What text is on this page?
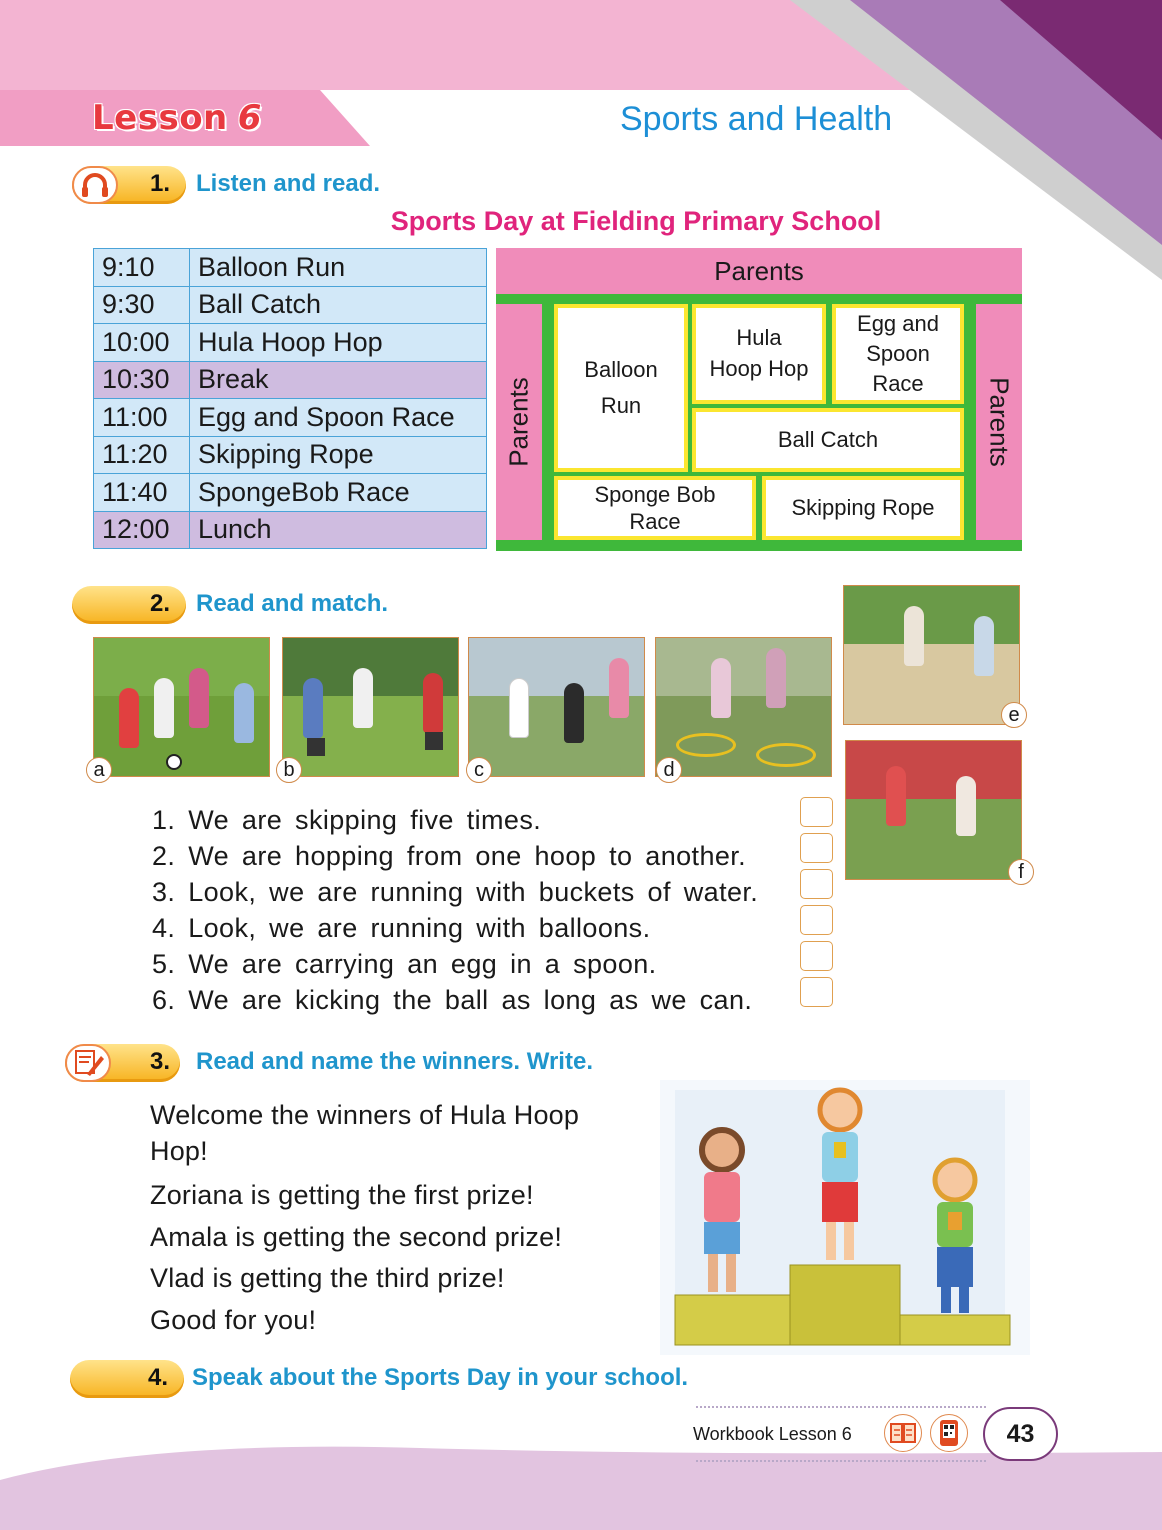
Lesson 6	Sports and Health
1. Listen and read.
Sports Day at Fielding Primary School
9:10	Balloon Run
9:30	Ball Catch
10:00	Hula Hoop Hop
10:30	Break
11:00	Egg and Spoon Race
11:20	Skipping Rope
11:40	SpongeBob Race
12:00	Lunch
Parents
Parents	Parents
Balloon
Run
Hula
Hoop Hop
Egg and
Spoon
Race
Ball Catch
Sponge Bob
Race
Skipping Rope
2. Read and match.
a	b	c	d
e
f
1. We are skipping five times.
2. We are hopping from one hoop to another.
3. Look, we are running with buckets of water.
4. Look, we are running with balloons.
5. We are carrying an egg in a spoon.
6. We are kicking the ball as long as we can.
3. Read and name the winners. Write.
Welcome the winners of Hula Hoop
Hop!
Zoriana is getting the first prize!
Amala is getting the second prize!
Vlad is getting the third prize!
Good for you!
4. Speak about the Sports Day in your school.
Workbook Lesson 6	43
